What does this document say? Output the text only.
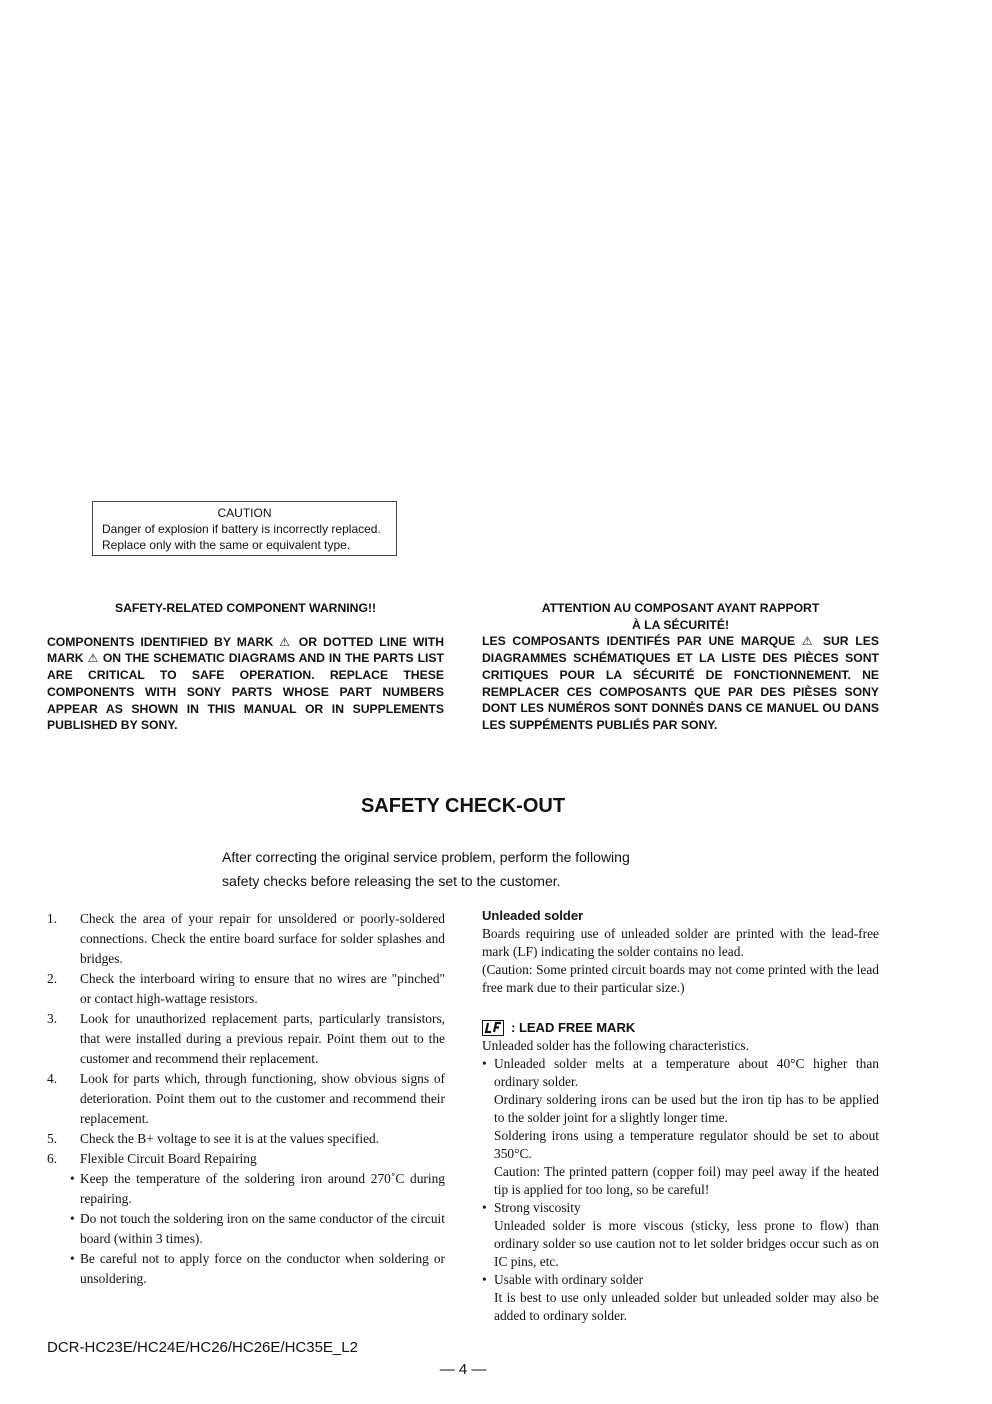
CAUTION
Danger of explosion if battery is incorrectly replaced.
Replace only with the same or equivalent type.
SAFETY-RELATED COMPONENT WARNING!!
COMPONENTS IDENTIFIED BY MARK ⚠ OR DOTTED LINE WITH MARK ⚠ ON THE SCHEMATIC DIAGRAMS AND IN THE PARTS LIST ARE CRITICAL TO SAFE OPERATION. REPLACE THESE COMPONENTS WITH SONY PARTS WHOSE PART NUMBERS APPEAR AS SHOWN IN THIS MANUAL OR IN SUPPLEMENTS PUBLISHED BY SONY.
ATTENTION AU COMPOSANT AYANT RAPPORT
À LA SÉCURITÉ!
LES COMPOSANTS IDENTIFÉS PAR UNE MARQUE ⚠ SUR LES DIAGRAMMES SCHÉMATIQUES ET LA LISTE DES PIÈCES SONT CRITIQUES POUR LA SÉCURITÉ DE FONCTIONNEMENT. NE REMPLACER CES COMPOSANTS QUE PAR DES PIÈSES SONY DONT LES NUMÉROS SONT DONNÉS DANS CE MANUEL OU DANS LES SUPPÉMENTS PUBLIÉS PAR SONY.
SAFETY CHECK-OUT
After correcting the original service problem, perform the following
safety checks before releasing the set to the customer.
1. Check the area of your repair for unsoldered or poorly-soldered connections. Check the entire board surface for solder splashes and bridges.
2. Check the interboard wiring to ensure that no wires are "pinched" or contact high-wattage resistors.
3. Look for unauthorized replacement parts, particularly transistors, that were installed during a previous repair. Point them out to the customer and recommend their replacement.
4. Look for parts which, through functioning, show obvious signs of deterioration. Point them out to the customer and recommend their replacement.
5. Check the B+ voltage to see it is at the values specified.
6. Flexible Circuit Board Repairing
• Keep the temperature of the soldering iron around 270˚C during repairing.
• Do not touch the soldering iron on the same conductor of the circuit board (within 3 times).
• Be careful not to apply force on the conductor when soldering or unsoldering.
Unleaded solder
Boards requiring use of unleaded solder are printed with the lead-free mark (LF) indicating the solder contains no lead.
(Caution: Some printed circuit boards may not come printed with the lead free mark due to their particular size.)
: LEAD FREE MARK
Unleaded solder has the following characteristics.
• Unleaded solder melts at a temperature about 40°C higher than ordinary solder.
Ordinary soldering irons can be used but the iron tip has to be applied to the solder joint for a slightly longer time.
Soldering irons using a temperature regulator should be set to about 350°C.
Caution: The printed pattern (copper foil) may peel away if the heated tip is applied for too long, so be careful!
• Strong viscosity
Unleaded solder is more viscous (sticky, less prone to flow) than ordinary solder so use caution not to let solder bridges occur such as on IC pins, etc.
• Usable with ordinary solder
It is best to use only unleaded solder but unleaded solder may also be added to ordinary solder.
DCR-HC23E/HC24E/HC26/HC26E/HC35E_L2
— 4 —
